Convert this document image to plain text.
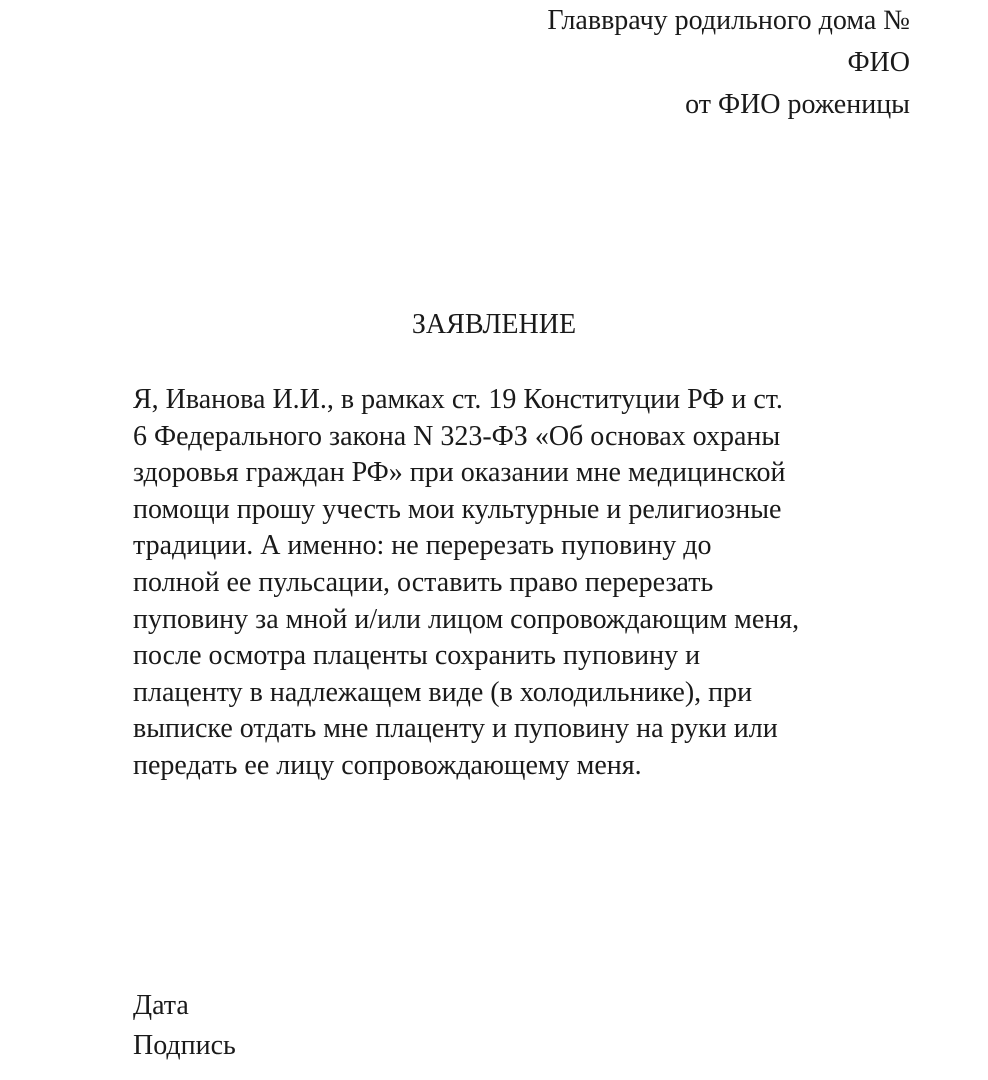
Главврачу родильного дома №
ФИО
от ФИО роженицы
ЗАЯВЛЕНИЕ
Я, Иванова И.И., в рамках ст. 19 Конституции РФ и ст.
6 Федерального закона N 323-ФЗ «Об основах охраны
здоровья граждан РФ» при оказании мне медицинской
помощи прошу учесть мои культурные и религиозные
традиции. А именно: не перерезать пуповину до
полной ее пульсации, оставить право перерезать
пуповину за мной и/или лицом сопровождающим меня,
после осмотра плаценты сохранить пуповину и
плаценту в надлежащем виде (в холодильнике), при
выписке отдать мне плаценту и пуповину на руки или
передать ее лицу сопровождающему меня.
Дата
Подпись
